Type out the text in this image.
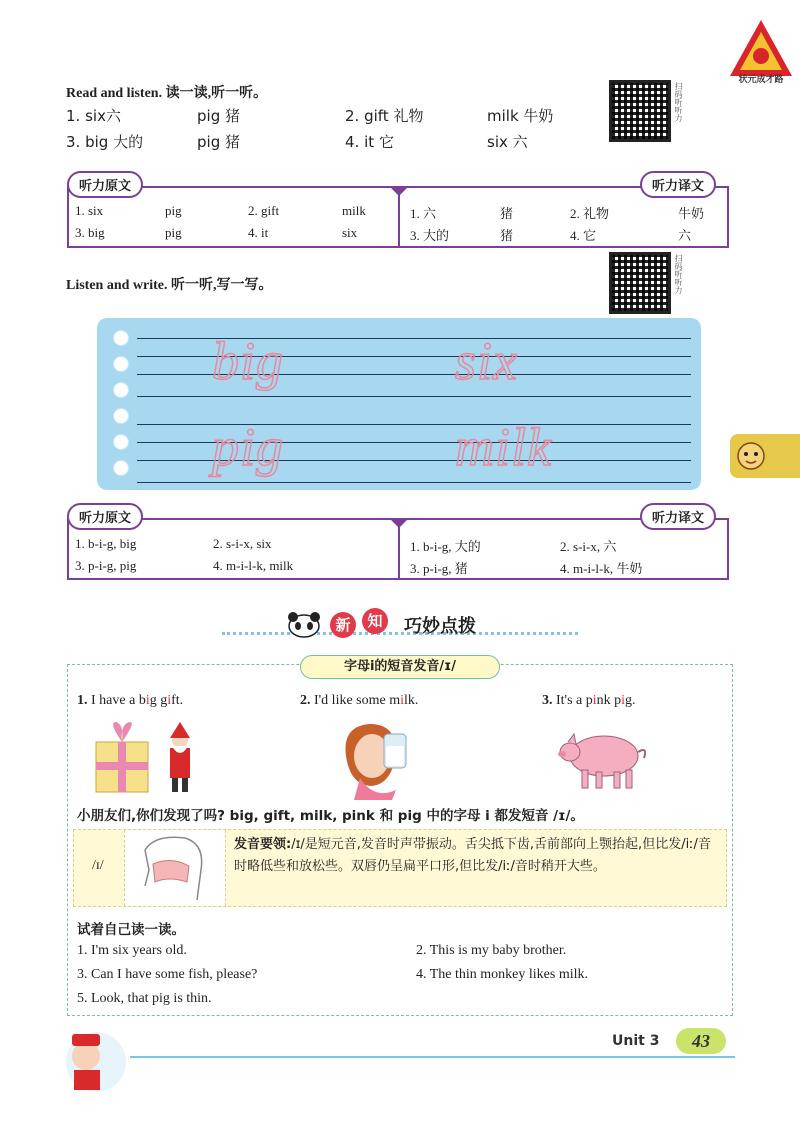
状元成才路
Read and listen. 读一读,听一听。
1. six六	pig 猪	2. gift 礼物	milk 牛奶
3. big 大的	pig 猪	4. it 它	six 六
扫码听听力
听力原文	听力译文
1. six	pig	2. gift	milk
3. big	pig	4. it	six
1. 六	猪	2. 礼物	牛奶
3. 大的	猪	4. 它	六
Listen and write. 听一听,写一写。	扫码听听力
big	six
pig	milk
听力原文	听力译文
1. b-i-g, big	2. s-i-x, six
3. p-i-g, pig	4. m-i-l-k, milk
1. b-i-g, 大的	2. s-i-x, 六
3. p-i-g, 猪	4. m-i-l-k, 牛奶
新	知	巧妙点拨
字母i的短音发音/ɪ/
1. I have a big gift.	2. I'd like some milk.	3. It's a pink pig.
小朋友们,你们发现了吗? big, gift, milk, pink 和 pig 中的字母 i 都发短音 /ɪ/。
/ɪ/
发音要领:/ɪ/是短元音,发音时声带振动。舌尖抵下齿,舌前部向上颚抬起,但比发/iː/音时略低些和放松些。双唇仍呈扁平口形,但比发/iː/音时稍开大些。
试着自己读一读。
1. I'm six years old.	2. This is my baby brother.
3. Can I have some fish, please?	4. The thin monkey likes milk.
5. Look, that pig is thin.
Unit 3	43
